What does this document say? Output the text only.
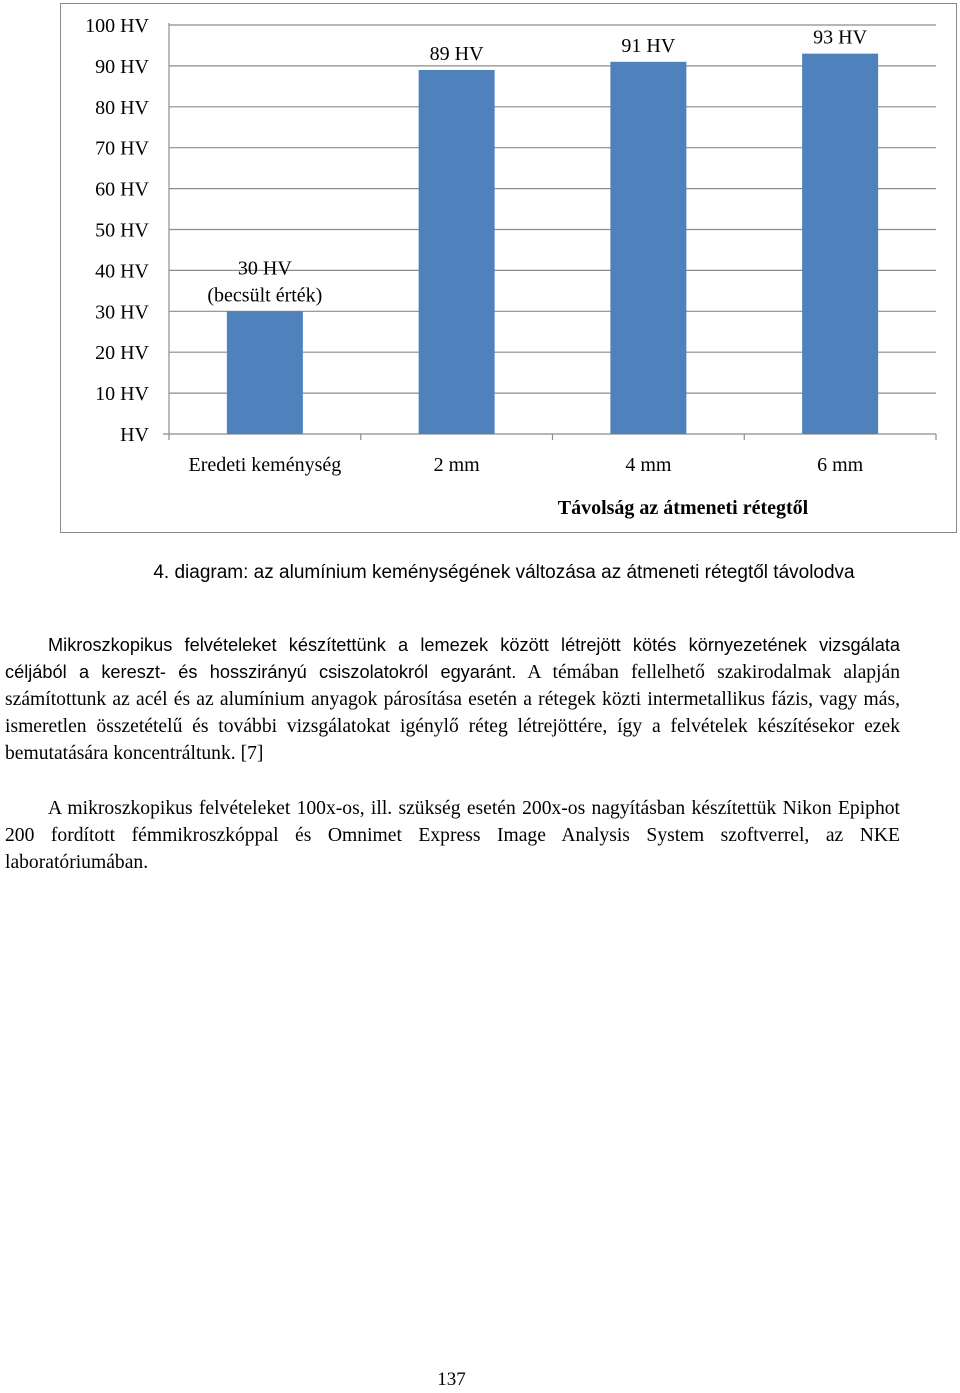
HV
10 HV
20 HV
30 HV
40 HV
50 HV
60 HV
70 HV
80 HV
90 HV
100 HV
30 HV
(becsült érték)
Eredeti keménység
89 HV
2 mm
91 HV
4 mm
93 HV
6 mm
Távolság az átmeneti rétegtől
4. diagram: az alumínium keménységének változása az átmeneti rétegtől távolodva

Mikroszkopikus felvételeket készítettünk a lemezek között létrejött kötés környezetének vizsgálata céljából a kereszt- és hosszirányú csiszolatokról egyaránt. A témában fellelhető szakirodalmak alapján számítottunk az acél és az alumínium anyagok párosítása esetén a rétegek közti intermetallikus fázis, vagy más, ismeretlen összetételű és további vizsgálatokat igénylő réteg létrejöttére, így a felvételek készítésekor ezek bemutatására koncentráltunk. [7]

A mikroszkopikus felvételeket 100x-os, ill. szükség esetén 200x-os nagyításban készítettük Nikon Epiphot 200 fordított fémmikroszkóppal és Omnimet Express Image Analysis System szoftverrel, az NKE laboratóriumában.

137
